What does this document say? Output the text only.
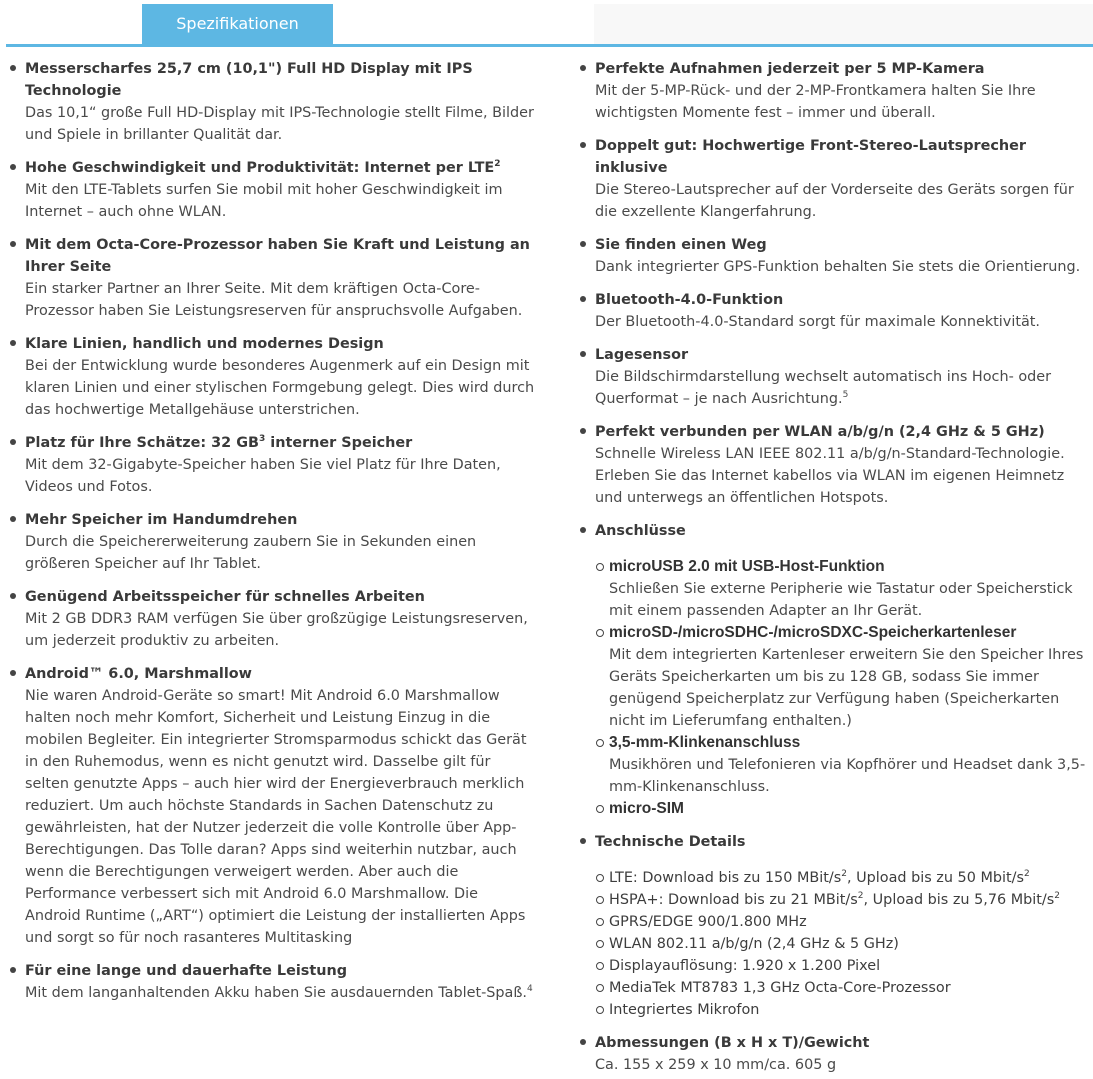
Spezifikationen
Messerscharfes 25,7 cm (10,1") Full HD Display mit IPS Technologie
Das 10,1“ große Full HD-Display mit IPS-Technologie stellt Filme, Bilder und Spiele in brillanter Qualität dar.
Hohe Geschwindigkeit und Produktivität: Internet per LTE$^2$
Mit den LTE-Tablets surfen Sie mobil mit hoher Geschwindigkeit im Internet – auch ohne WLAN.
Mit dem Octa-Core-Prozessor haben Sie Kraft und Leistung an Ihrer Seite
Ein starker Partner an Ihrer Seite. Mit dem kräftigen Octa-Core-Prozessor haben Sie Leistungsreserven für anspruchsvolle Aufgaben.
Klare Linien, handlich und modernes Design
Bei der Entwicklung wurde besonderes Augenmerk auf ein Design mit klaren Linien und einer stylischen Formgebung gelegt. Dies wird durch das hochwertige Metallgehäuse unterstrichen.
Platz für Ihre Schätze: 32 $GB^3$ interner Speicher
Mit dem 32-Gigabyte-Speicher haben Sie viel Platz für Ihre Daten, Videos und Fotos.
Mehr Speicher im Handumdrehen
Durch die Speichererweiterung zaubern Sie in Sekunden einen größeren Speicher auf Ihr Tablet.
Genügend Arbeitsspeicher für schnelles Arbeiten
Mit 2 GB DDR3 RAM verfügen Sie über großzügige Leistungsreserven, um jederzeit produktiv zu arbeiten.
Android™ 6.0, Marshmallow
Nie waren Android-Geräte so smart! Mit Android 6.0 Marshmallow halten noch mehr Komfort, Sicherheit und Leistung Einzug in die mobilen Begleiter. Ein integrierter Stromsparmodus schickt das Gerät in den Ruhemodus, wenn es nicht genutzt wird. Dasselbe gilt für selten genutzte Apps – auch hier wird der Energieverbrauch merklich reduziert. Um auch höchste Standards in Sachen Datenschutz zu gewährleisten, hat der Nutzer jederzeit die volle Kontrolle über App-Berechtigungen. Das Tolle daran? Apps sind weiterhin nutzbar, auch wenn die Berechtigungen verweigert werden. Aber auch die Performance verbessert sich mit Android 6.0 Marshmallow. Die Android Runtime („ART“) optimiert die Leistung der installierten Apps und sorgt so für noch rasanteres Multitasking
Für eine lange und dauerhafte Leistung
Mit dem langanhaltenden Akku haben Sie ausdauernden Tablet-Spaß.$^4$
Perfekte Aufnahmen jederzeit per 5 MP-Kamera
Mit der 5-MP-Rück- und der 2-MP-Frontkamera halten Sie Ihre wichtigsten Momente fest – immer und überall.
Doppelt gut: Hochwertige Front-Stereo-Lautsprecher inklusive
Die Stereo-Lautsprecher auf der Vorderseite des Geräts sorgen für die exzellente Klangerfahrung.
Sie finden einen Weg
Dank integrierter GPS-Funktion behalten Sie stets die Orientierung.
Bluetooth-4.0-Funktion
Der Bluetooth-4.0-Standard sorgt für maximale Konnektivität.
Lagesensor
Die Bildschirmdarstellung wechselt automatisch ins Hoch- oder Querformat – je nach Ausrichtung.$^5$
Perfekt verbunden per WLAN a/b/g/n (2,4 GHz & 5 GHz)
Schnelle Wireless LAN IEEE 802.11 a/b/g/n-Standard-Technologie. Erleben Sie das Internet kabellos via WLAN im eigenen Heimnetz und unterwegs an öffentlichen Hotspots.
Anschlüsse
microUSB 2.0 mit USB-Host-Funktion
Schließen Sie externe Peripherie wie Tastatur oder Speicherstick mit einem passenden Adapter an Ihr Gerät.
microSD-/microSDHC-/microSDXC-Speicherkartenleser
Mit dem integrierten Kartenleser erweitern Sie den Speicher Ihres Geräts Speicherkarten um bis zu 128 GB, sodass Sie immer genügend Speicherplatz zur Verfügung haben (Speicherkarten nicht im Lieferumfang enthalten.)
3,5-mm-Klinkenanschluss
Musikhören und Telefonieren via Kopfhörer und Headset dank 3,5-mm-Klinkenanschluss.
micro-SIM
Technische Details
LTE: Download bis zu 150 MBit/$s^2$, Upload bis zu 50 Mbit/$s^2$
HSPA+: Download bis zu 21 MBit/$s^2$, Upload bis zu 5,76 Mbit/$s^2$
GPRS/EDGE 900/1.800 MHz
WLAN 802.11 a/b/g/n (2,4 GHz & 5 GHz)
Displayauflösung: 1.920 x 1.200 Pixel
MediaTek MT8783 1,3 GHz Octa-Core-Prozessor
Integriertes Mikrofon
Abmessungen (B x H x T)/Gewicht
Ca. 155 x 259 x 10 mm/ca. 605 g
